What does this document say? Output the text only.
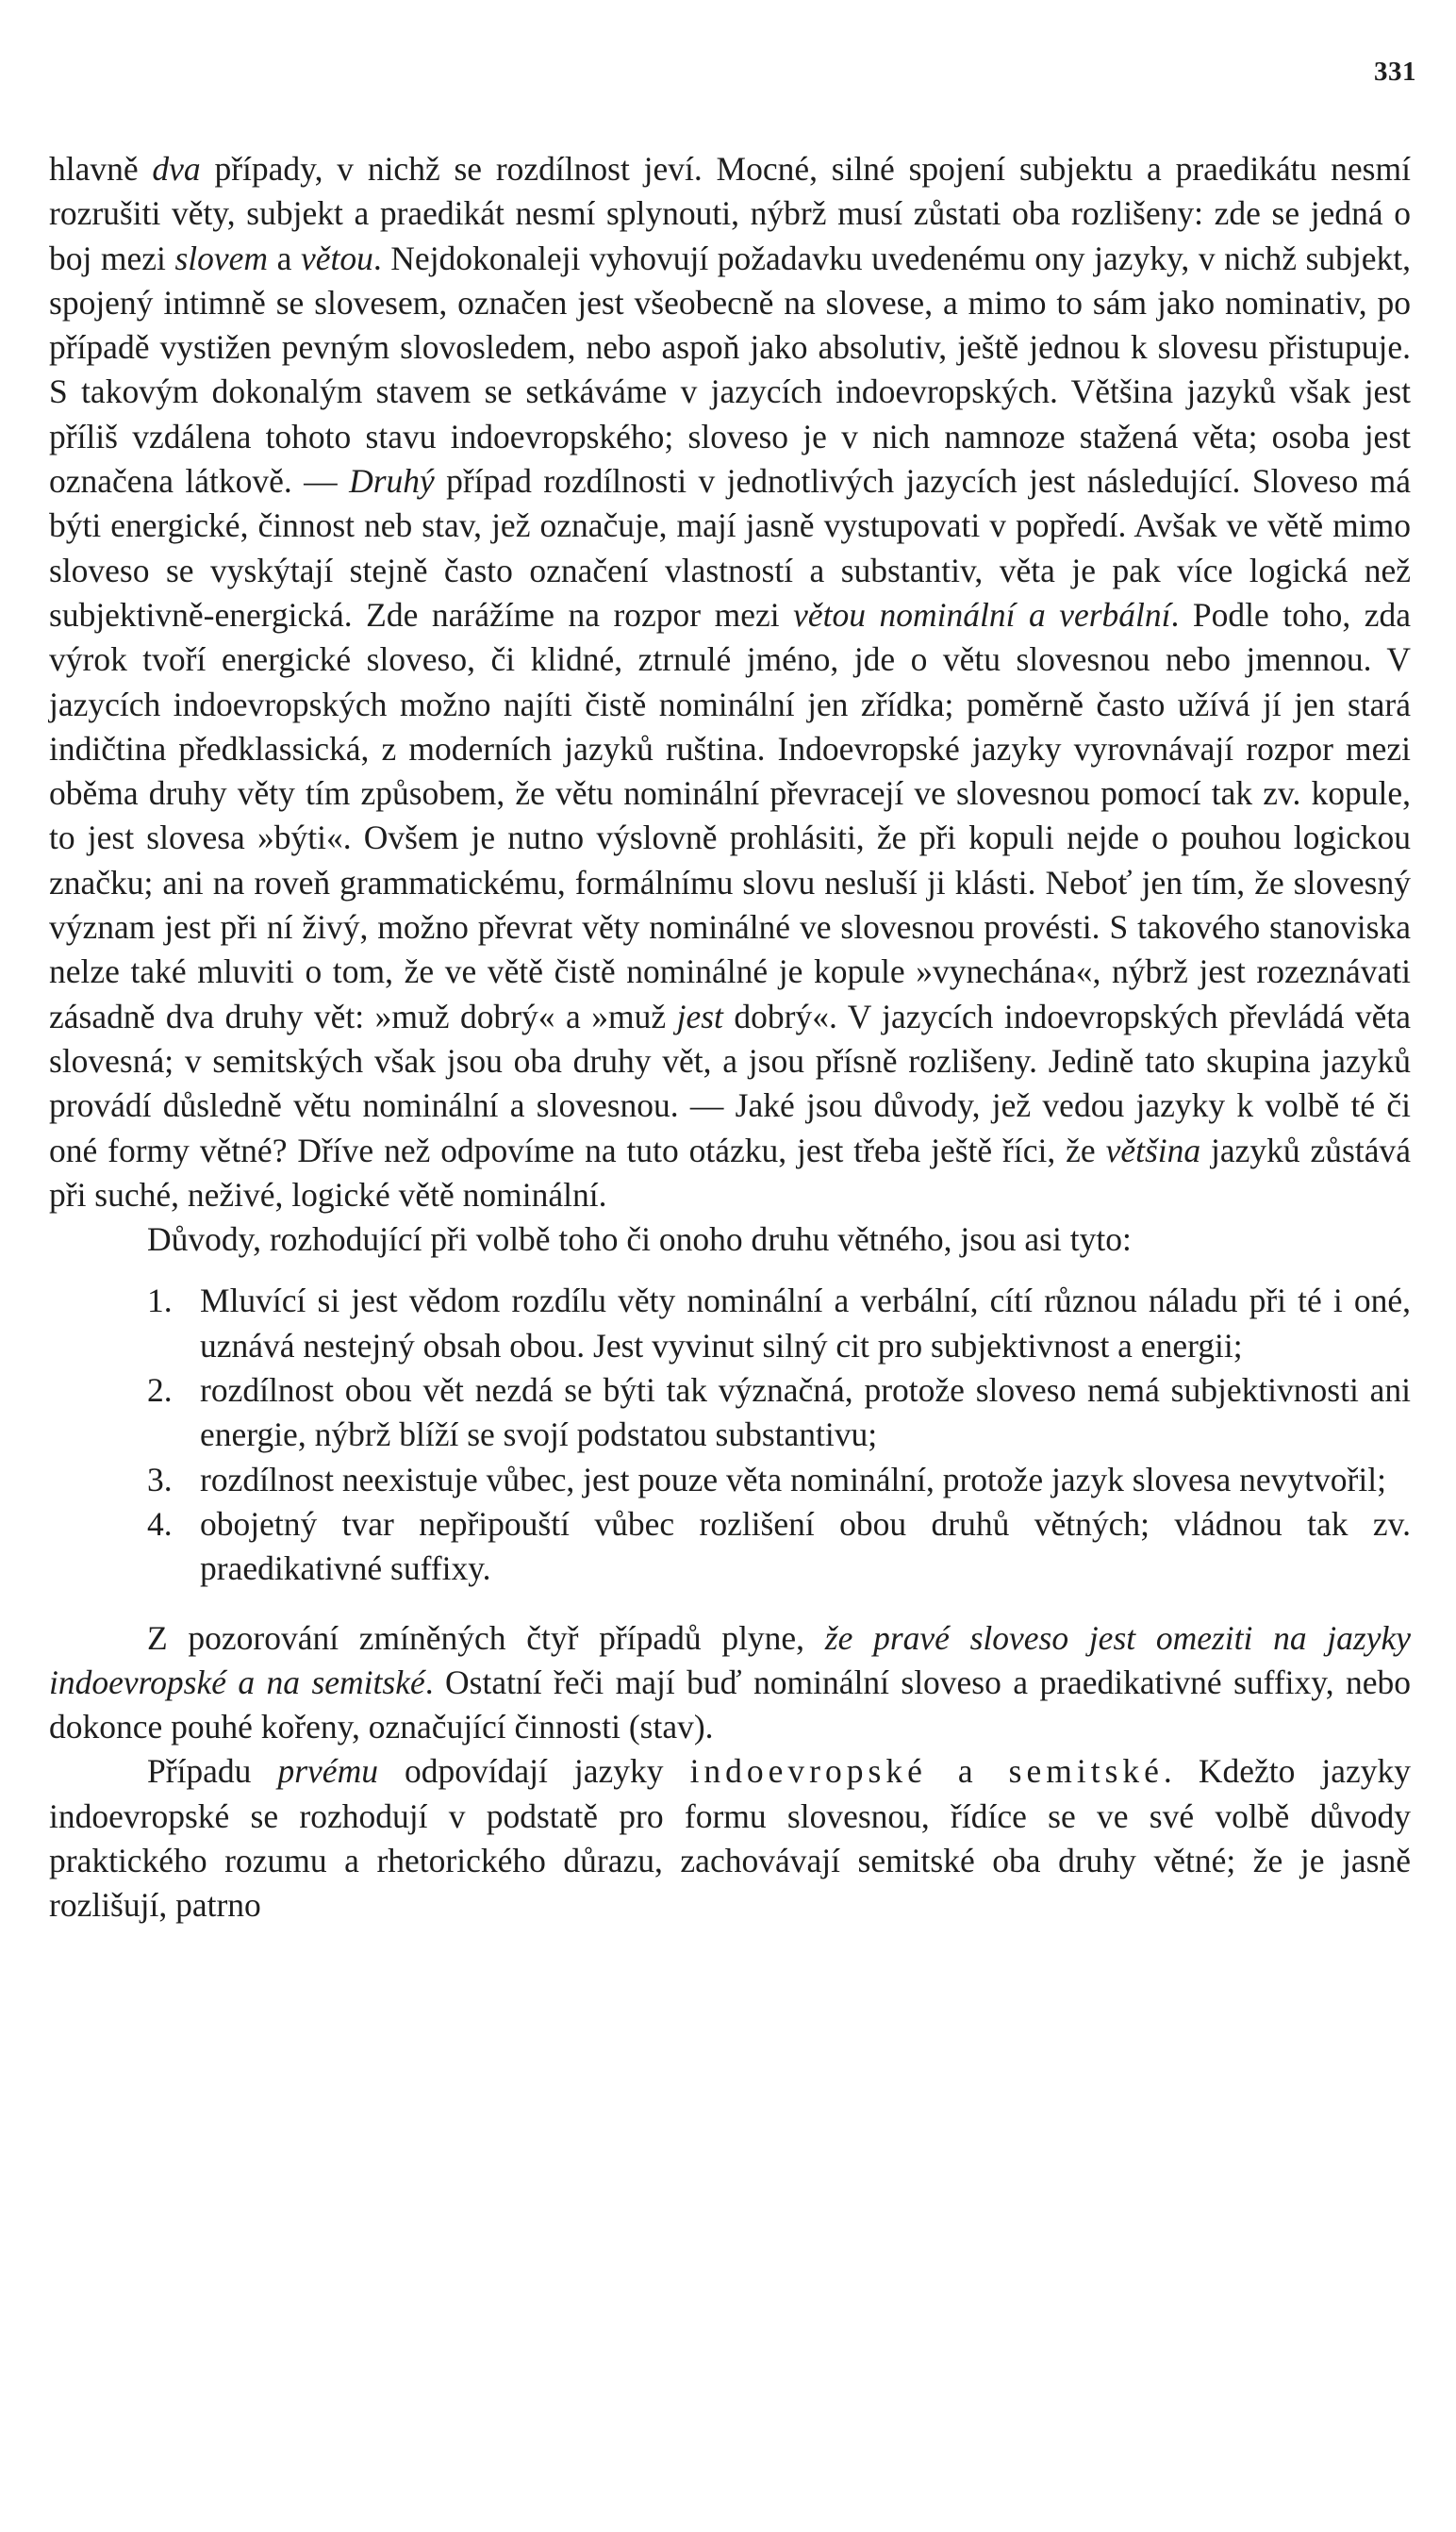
331

hlavně dva případy, v nichž se rozdílnost jeví. Mocné, silné spojení subjektu a praedikátu nesmí rozrušiti věty, subjekt a praedikát nesmí splynouti, nýbrž musí zůstati oba rozlišeny: zde se jedná o boj mezi slovem a větou. Nejdokonaleji vyhovují požadavku uvedenému ony jazyky, v nichž subjekt, spojený intimně se slovesem, označen jest všeobecně na slovese, a mimo to sám jako nominativ, po případě vystižen pevným slovosledem, nebo aspoň jako absolutiv, ještě jednou k slovesu přistupuje. S takovým dokonalým stavem se setkáváme v jazycích indoevropských. Většina jazyků však jest příliš vzdálena tohoto stavu indoevropského; sloveso je v nich namnoze stažená věta; osoba jest označena látkově. — Druhý případ rozdílnosti v jednotlivých jazycích jest následující. Sloveso má býti energické, činnost neb stav, jež označuje, mají jasně vystupovati v popředí. Avšak ve větě mimo sloveso se vyskýtají stejně často označení vlastností a substantiv, věta je pak více logická než subjektivně-energická. Zde narážíme na rozpor mezi větou nominální a verbální. Podle toho, zda výrok tvoří energické sloveso, či klidné, ztrnulé jméno, jde o větu slovesnou nebo jmennou. V jazycích indoevropských možno najíti čistě nominální jen zřídka; poměrně často užívá jí jen stará indičtina předklassická, z moderních jazyků ruština. Indoevropské jazyky vyrovnávají rozpor mezi oběma druhy věty tím způsobem, že větu nominální převracejí ve slovesnou pomocí tak zv. kopule, to jest slovesa »býti«. Ovšem je nutno výslovně prohlásiti, že při kopuli nejde o pouhou logickou značku; ani na roveň grammatickému, formálnímu slovu nesluší ji klásti. Neboť jen tím, že slovesný význam jest při ní živý, možno převrat věty nominálné ve slovesnou provésti. S takového stanoviska nelze také mluviti o tom, že ve větě čistě nominálné je kopule »vynechána«, nýbrž jest rozeznávati zásadně dva druhy vět: »muž dobrý« a »muž jest dobrý«. V jazycích indoevropských převládá věta slovesná; v semitských však jsou oba druhy vět, a jsou přísně rozlišeny. Jedině tato skupina jazyků provádí důsledně větu nominální a slovesnou. — Jaké jsou důvody, jež vedou jazyky k volbě té či oné formy větné? Dříve než odpovíme na tuto otázku, jest třeba ještě říci, že většina jazyků zůstává při suché, neživé, logické větě nominální.

Důvody, rozhodující při volbě toho či onoho druhu větného, jsou asi tyto:

1. Mluvící si jest vědom rozdílu věty nominální a verbální, cítí různou náladu při té i oné, uznává nestejný obsah obou. Jest vyvinut silný cit pro subjektivnost a energii;
2. rozdílnost obou vět nezdá se býti tak význačná, protože sloveso nemá subjektivnosti ani energie, nýbrž blíží se svojí podstatou substantivu;
3. rozdílnost neexistuje vůbec, jest pouze věta nominální, protože jazyk slovesa nevytvořil;
4. obojetný tvar nepřipouští vůbec rozlišení obou druhů větných; vládnou tak zv. praedikativné suffixy.

Z pozorování zmíněných čtyř případů plyne, že pravé sloveso jest omeziti na jazyky indoevropské a na semitské. Ostatní řeči mají buď nominální sloveso a praedikativné suffixy, nebo dokonce pouhé kořeny, označující činnosti (stav).

Případu prvému odpovídají jazyky indoevropské a semitské. Kdežto jazyky indoevropské se rozhodují v podstatě pro formu slovesnou, řídíce se ve své volbě důvody praktického rozumu a rhetorického důrazu, zachovávají semitské oba druhy větné; že je jasně rozlišují, patrno
